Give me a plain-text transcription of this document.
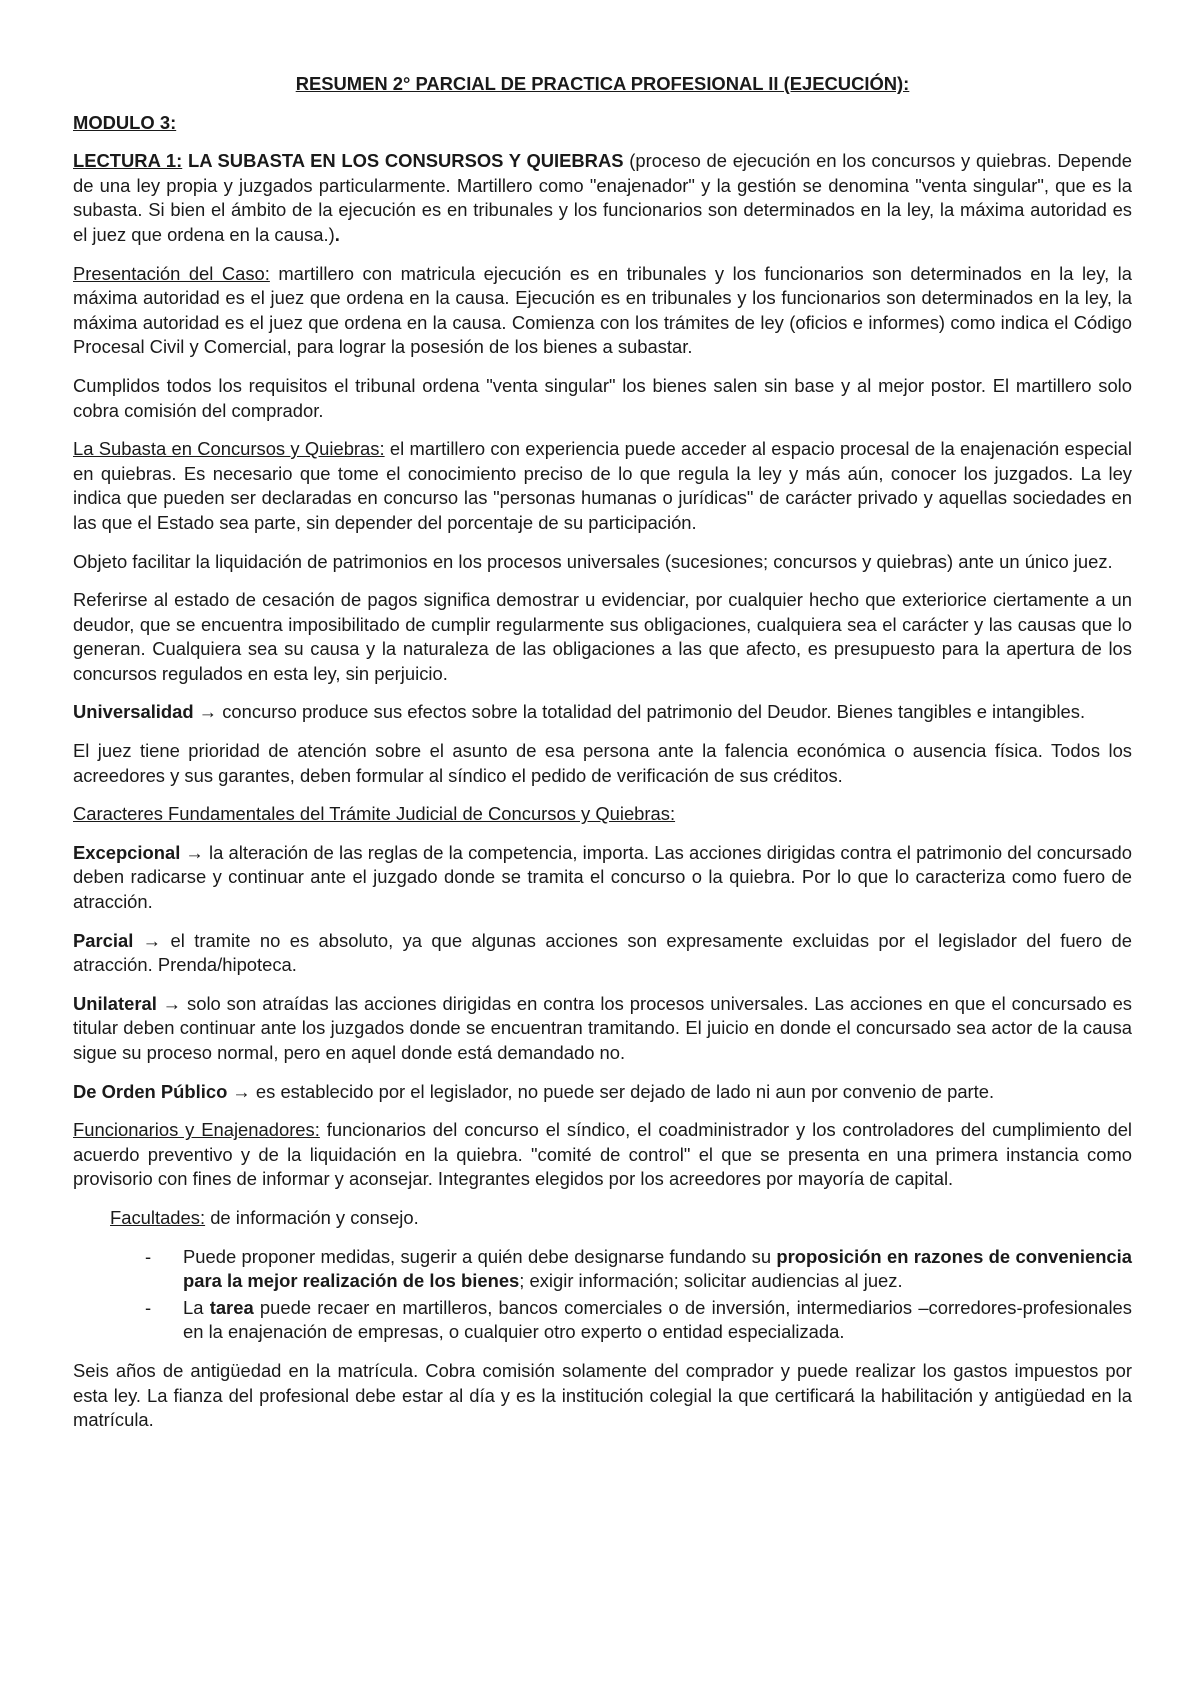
RESUMEN 2° PARCIAL DE PRACTICA PROFESIONAL II (EJECUCIÓN):
MODULO 3:

LECTURA 1: LA SUBASTA EN LOS CONSURSOS Y QUIEBRAS (proceso de ejecución en los concursos y quiebras. Depende de una ley propia y juzgados particularmente. Martillero como "enajenador" y la gestión se denomina "venta singular", que es la subasta. Si bien el ámbito de la ejecución es en tribunales y los funcionarios son determinados en la ley, la máxima autoridad es el juez que ordena en la causa.).

Presentación del Caso: martillero con matricula ejecución es en tribunales y los funcionarios son determinados en la ley, la máxima autoridad es el juez que ordena en la causa. Ejecución es en tribunales y los funcionarios son determinados en la ley, la máxima autoridad es el juez que ordena en la causa. Comienza con los trámites de ley (oficios e informes) como indica el Código Procesal Civil y Comercial, para lograr la posesión de los bienes a subastar.

Cumplidos todos los requisitos el tribunal ordena "venta singular" los bienes salen sin base y al mejor postor. El martillero solo cobra comisión del comprador.

La Subasta en Concursos y Quiebras: el martillero con experiencia puede acceder al espacio procesal de la enajenación especial en quiebras. Es necesario que tome el conocimiento preciso de lo que regula la ley y más aún, conocer los juzgados. La ley indica que pueden ser declaradas en concurso las "personas humanas o jurídicas" de carácter privado y aquellas sociedades en las que el Estado sea parte, sin depender del porcentaje de su participación.

Objeto facilitar la liquidación de patrimonios en los procesos universales (sucesiones; concursos y quiebras) ante un único juez.

Referirse al estado de cesación de pagos significa demostrar u evidenciar, por cualquier hecho que exteriorice ciertamente a un deudor, que se encuentra imposibilitado de cumplir regularmente sus obligaciones, cualquiera sea el carácter y las causas que lo generan. Cualquiera sea su causa y la naturaleza de las obligaciones a las que afecto, es presupuesto para la apertura de los concursos regulados en esta ley, sin perjuicio.

Universalidad → concurso produce sus efectos sobre la totalidad del patrimonio del Deudor. Bienes tangibles e intangibles.

El juez tiene prioridad de atención sobre el asunto de esa persona ante la falencia económica o ausencia física. Todos los acreedores y sus garantes, deben formular al síndico el pedido de verificación de sus créditos.

Caracteres Fundamentales del Trámite Judicial de Concursos y Quiebras:

Excepcional → la alteración de las reglas de la competencia, importa. Las acciones dirigidas contra el patrimonio del concursado deben radicarse y continuar ante el juzgado donde se tramita el concurso o la quiebra. Por lo que lo caracteriza como fuero de atracción.

Parcial → el tramite no es absoluto, ya que algunas acciones son expresamente excluidas por el legislador del fuero de atracción. Prenda/hipoteca.

Unilateral → solo son atraídas las acciones dirigidas en contra los procesos universales. Las acciones en que el concursado es titular deben continuar ante los juzgados donde se encuentran tramitando. El juicio en donde el concursado sea actor de la causa sigue su proceso normal, pero en aquel donde está demandado no.

De Orden Público → es establecido por el legislador, no puede ser dejado de lado ni aun por convenio de parte.

Funcionarios y Enajenadores: funcionarios del concurso el síndico, el coadministrador y los controladores del cumplimiento del acuerdo preventivo y de la liquidación en la quiebra. "comité de control" el que se presenta en una primera instancia como provisorio con fines de informar y aconsejar. Integrantes elegidos por los acreedores por mayoría de capital.

Facultades: de información y consejo.

- Puede proponer medidas, sugerir a quién debe designarse fundando su proposición en razones de conveniencia para la mejor realización de los bienes; exigir información; solicitar audiencias al juez.
- La tarea puede recaer en martilleros, bancos comerciales o de inversión, intermediarios –corredores-profesionales en la enajenación de empresas, o cualquier otro experto o entidad especializada.

Seis años de antigüedad en la matrícula. Cobra comisión solamente del comprador y puede realizar los gastos impuestos por esta ley. La fianza del profesional debe estar al día y es la institución colegial la que certificará la habilitación y antigüedad en la matrícula.
